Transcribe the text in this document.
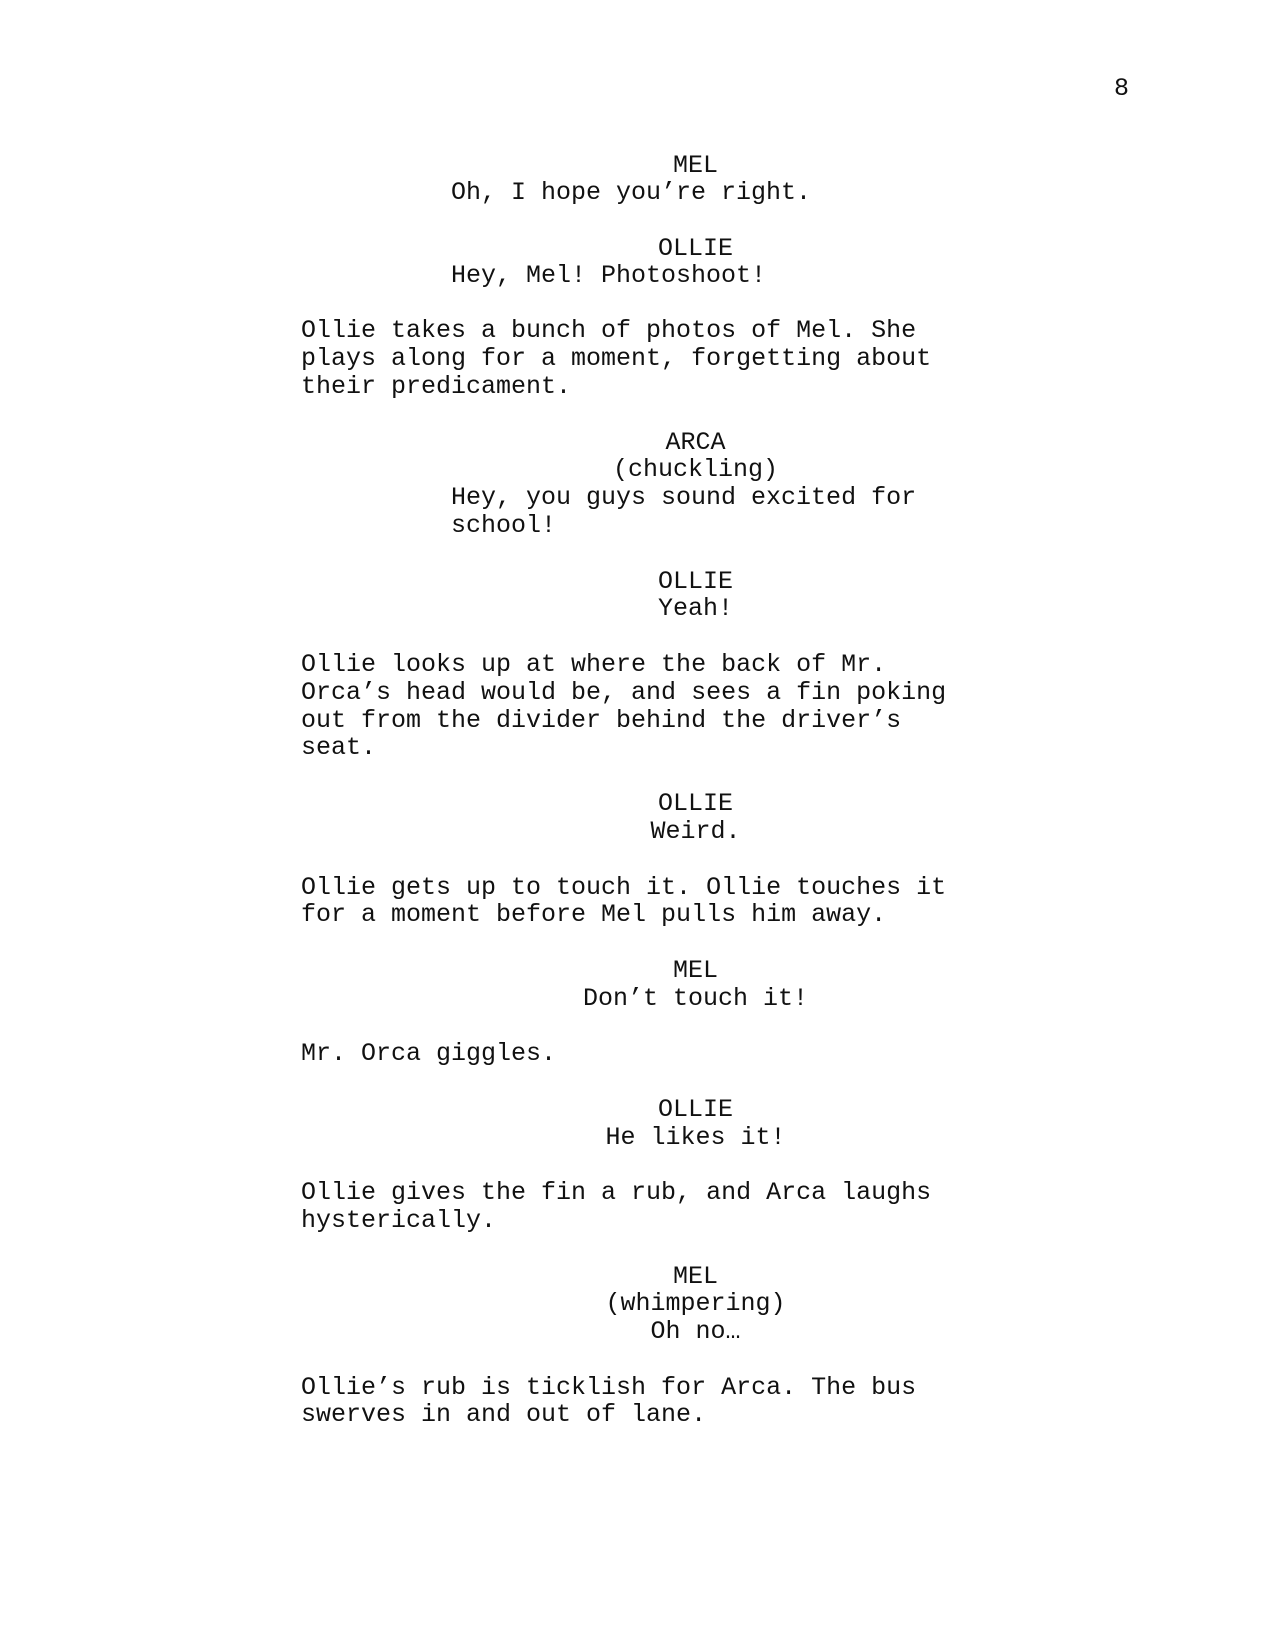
8
MEL
Oh, I hope you’re right.
OLLIE
Hey, Mel! Photoshoot!
Ollie takes a bunch of photos of Mel. She
plays along for a moment, forgetting about
their predicament.
ARCA
(chuckling)
Hey, you guys sound excited for
school!
OLLIE
Yeah!
Ollie looks up at where the back of Mr.
Orca’s head would be, and sees a fin poking
out from the divider behind the driver’s
seat.
OLLIE
Weird.
Ollie gets up to touch it. Ollie touches it
for a moment before Mel pulls him away.
MEL
Don’t touch it!
Mr. Orca giggles.
OLLIE
He likes it!
Ollie gives the fin a rub, and Arca laughs
hysterically.
MEL
(whimpering)
Oh no…
Ollie’s rub is ticklish for Arca. The bus
swerves in and out of lane.
